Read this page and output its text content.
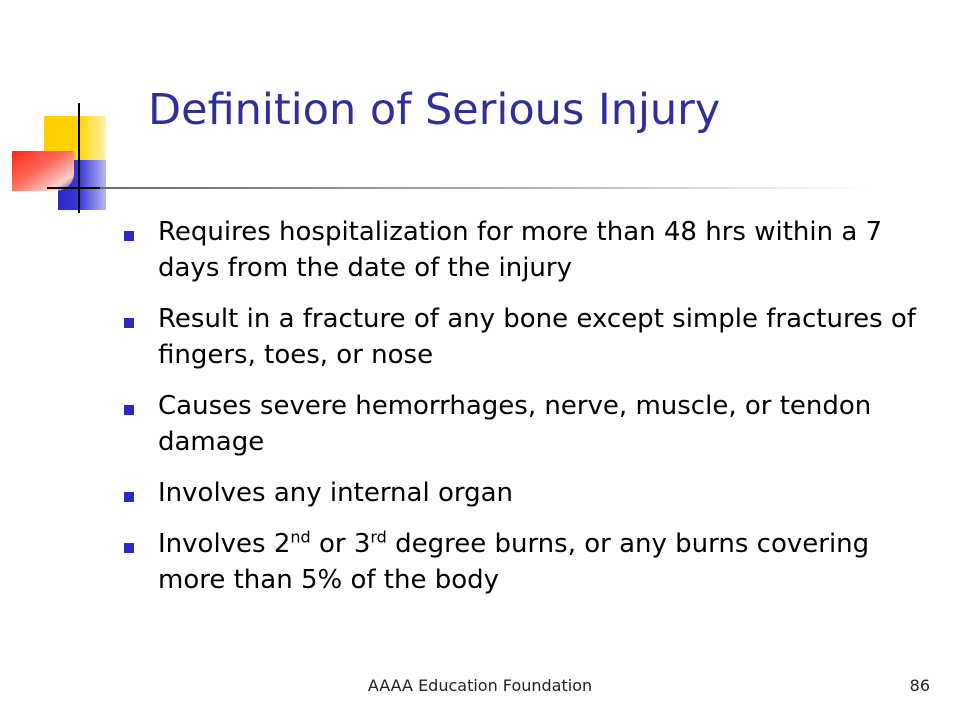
Definition of Serious Injury
Requires hospitalization for more than 48 hrs within a 7 days from the date of the injury
Result in a fracture of any bone except simple fractures of fingers, toes, or nose
Causes severe hemorrhages, nerve, muscle, or tendon damage
Involves any internal organ
Involves 2nd or 3rd degree burns, or any burns covering more than 5% of the body
AAAA Education Foundation	86
